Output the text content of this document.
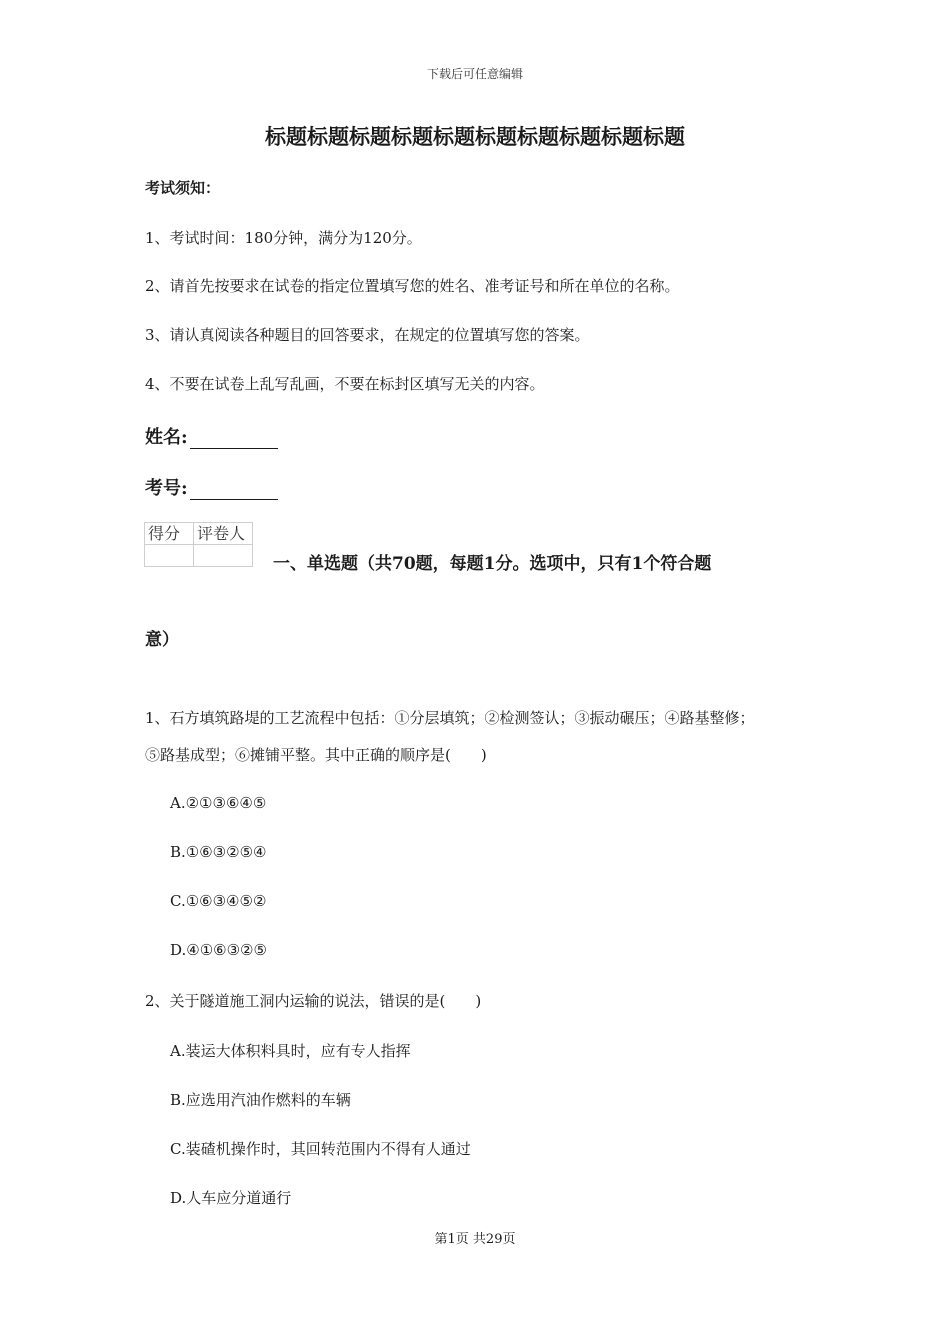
下载后可任意编辑
标题标题标题标题标题标题标题标题标题标题
考试须知：
1、考试时间：180分钟，满分为120分。
2、请首先按要求在试卷的指定位置填写您的姓名、准考证号和所在单位的名称。
3、请认真阅读各种题目的回答要求，在规定的位置填写您的答案。
4、不要在试卷上乱写乱画，不要在标封区填写无关的内容。
姓名:
考号:
得分	评卷人

一、单选题（共70题，每题1分。选项中，只有1个符合题
意）
1、石方填筑路堤的工艺流程中包括：①分层填筑；②检测签认；③振动碾压；④路基整修；
⑤路基成型；⑥摊铺平整。其中正确的顺序是(　　)
A.②①③⑥④⑤
B.①⑥③②⑤④
C.①⑥③④⑤②
D.④①⑥③②⑤
2、关于隧道施工洞内运输的说法，错误的是(　　)
A.装运大体积料具时，应有专人指挥
B.应选用汽油作燃料的车辆
C.装碴机操作时，其回转范围内不得有人通过
D.人车应分道通行
第1页 共29页
